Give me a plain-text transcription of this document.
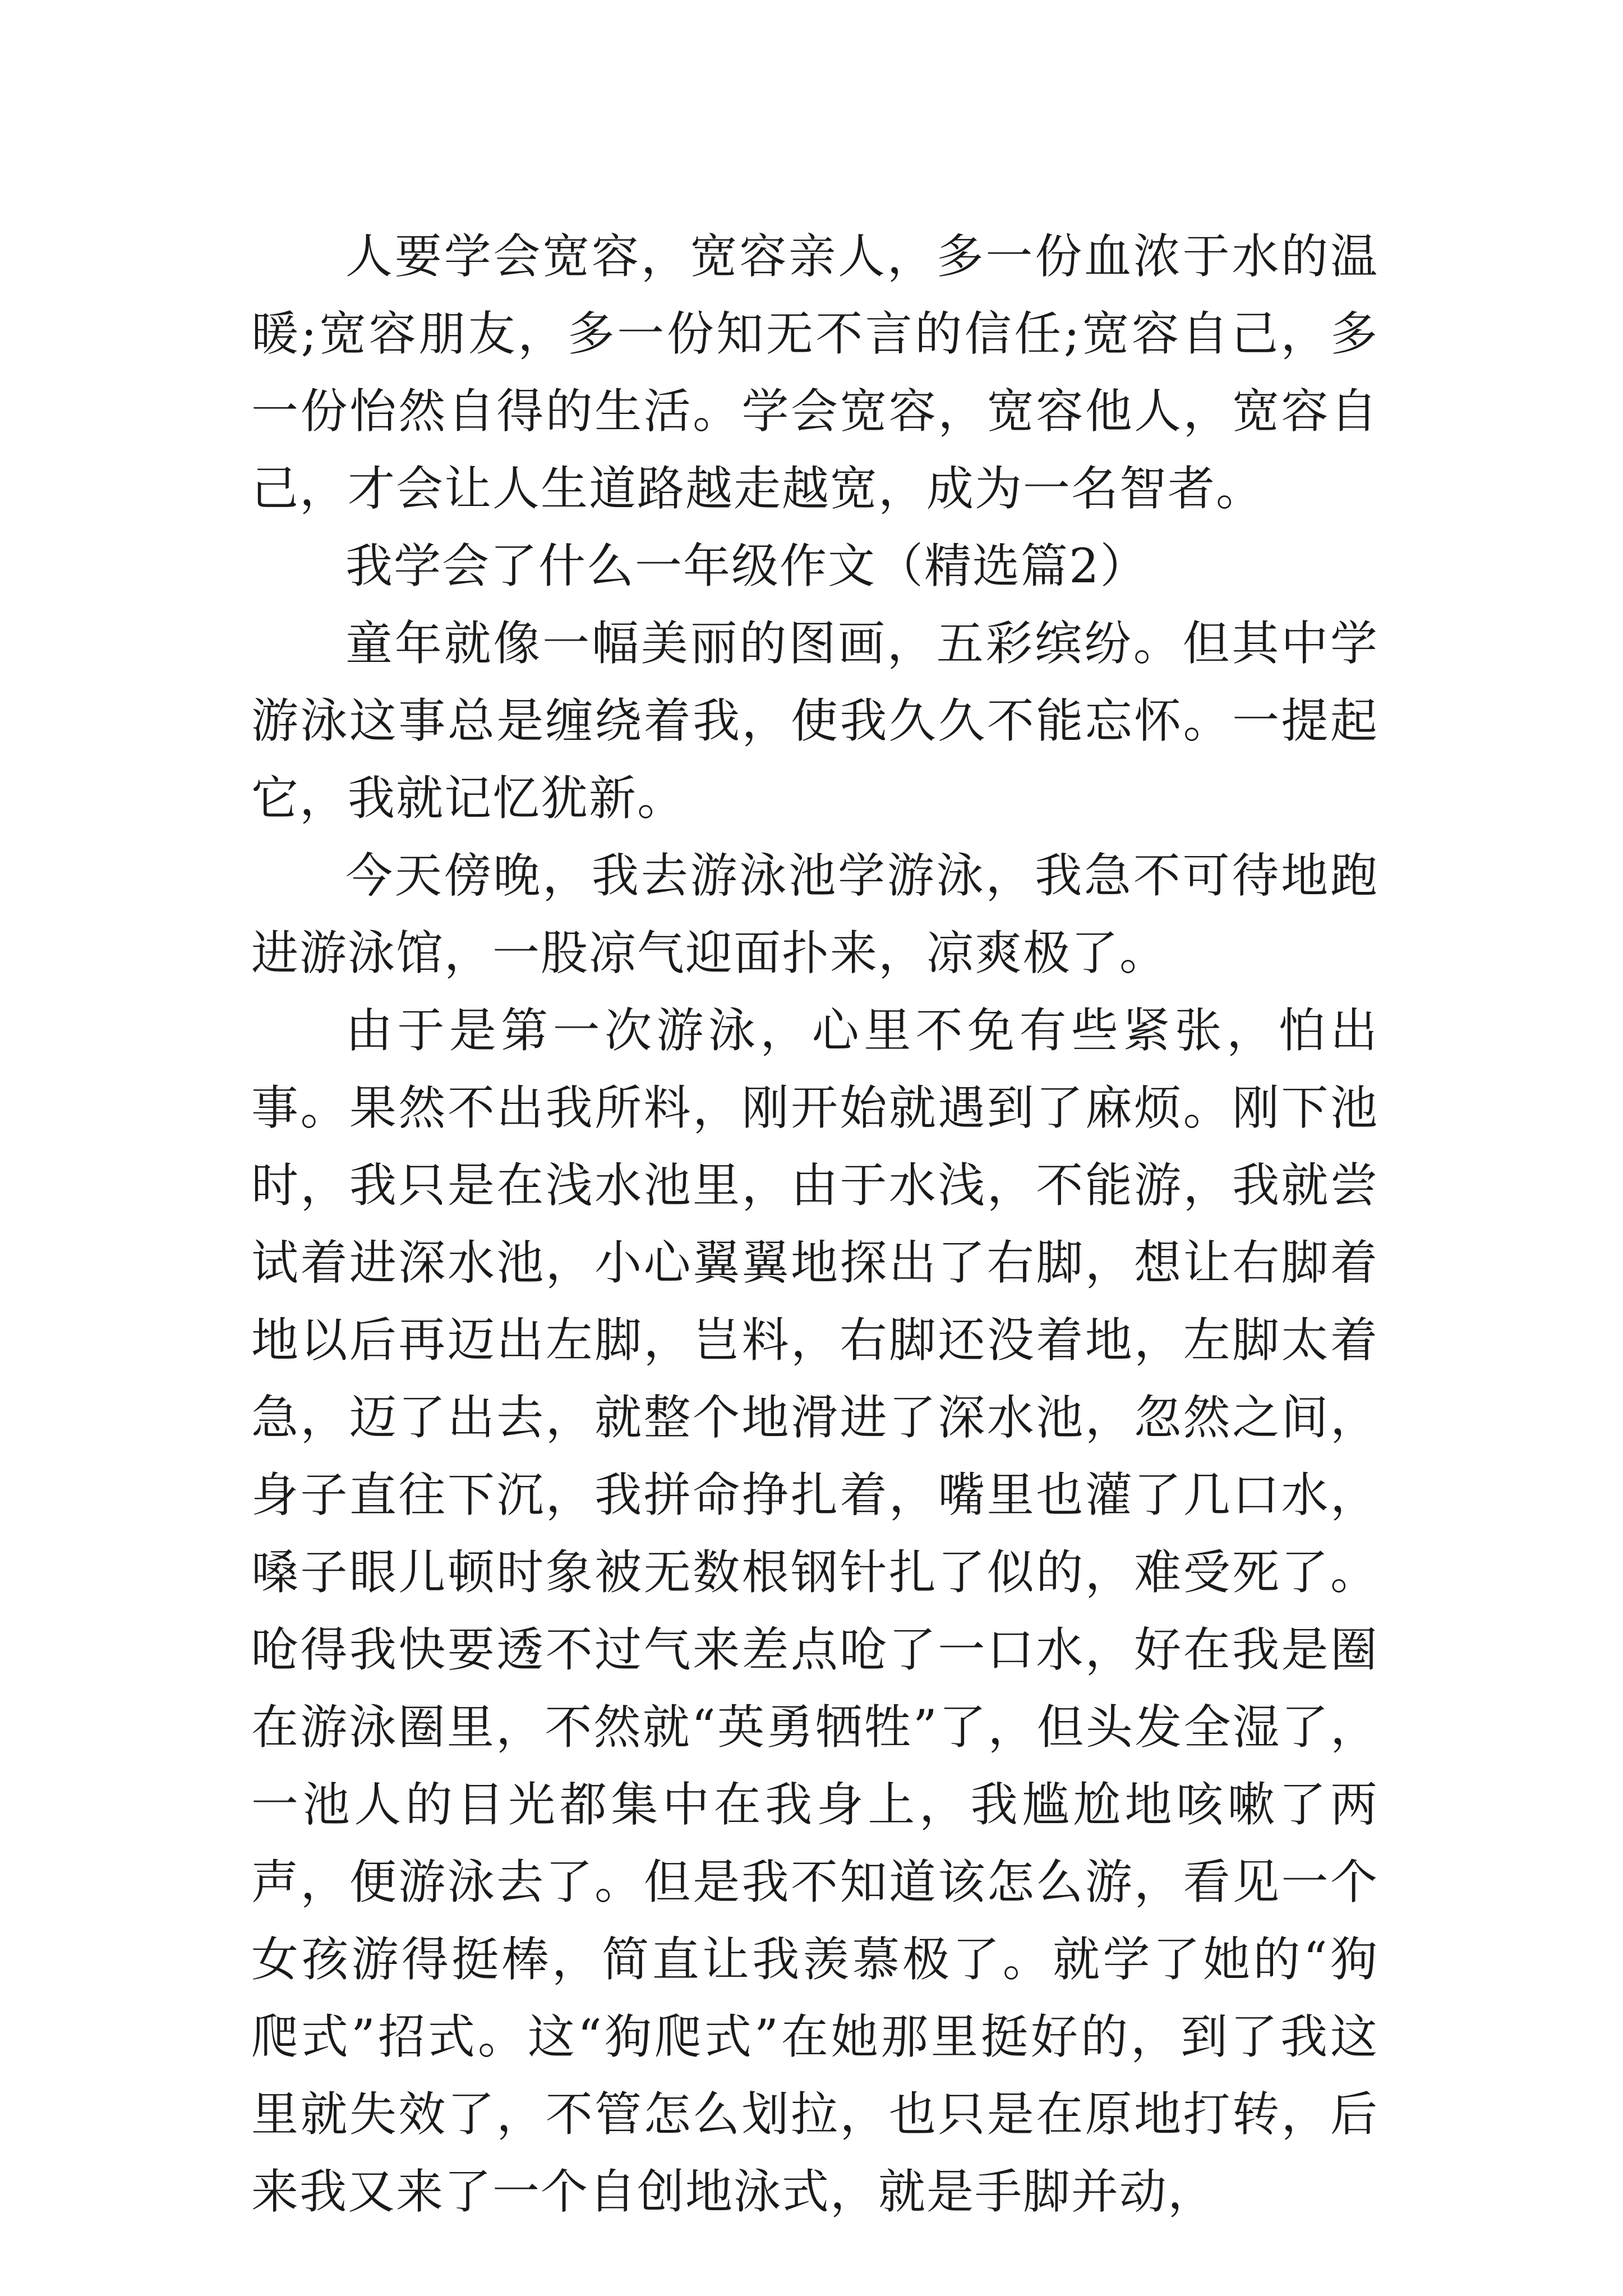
人要学会宽容，宽容亲人，多一份血浓于水的温暖;宽容朋友，多一份知无不言的信任;宽容自己，多一份怡然自得的生活。学会宽容，宽容他人，宽容自己，才会让人生道路越走越宽，成为一名智者。

我学会了什么一年级作文（精选篇2）

童年就像一幅美丽的图画，五彩缤纷。但其中学游泳这事总是缠绕着我，使我久久不能忘怀。一提起它，我就记忆犹新。

今天傍晚，我去游泳池学游泳，我急不可待地跑进游泳馆，一股凉气迎面扑来，凉爽极了。

由于是第一次游泳，心里不免有些紧张，怕出事。果然不出我所料，刚开始就遇到了麻烦。刚下池时，我只是在浅水池里，由于水浅，不能游，我就尝试着进深水池，小心翼翼地探出了右脚，想让右脚着地以后再迈出左脚，岂料，右脚还没着地，左脚太着急，迈了出去，就整个地滑进了深水池，忽然之间，身子直往下沉，我拼命挣扎着，嘴里也灌了几口水，嗓子眼儿顿时象被无数根钢针扎了似的，难受死了。呛得我快要透不过气来差点呛了一口水，好在我是圈在游泳圈里，不然就“英勇牺牲”了，但头发全湿了，一池人的目光都集中在我身上，我尴尬地咳嗽了两声，便游泳去了。但是我不知道该怎么游，看见一个女孩游得挺棒，简直让我羡慕极了。就学了她的“狗爬式”招式。这“狗爬式”在她那里挺好的，到了我这里就失效了，不管怎么划拉，也只是在原地打转，后来我又来了一个自创地泳式，就是手脚并动，
